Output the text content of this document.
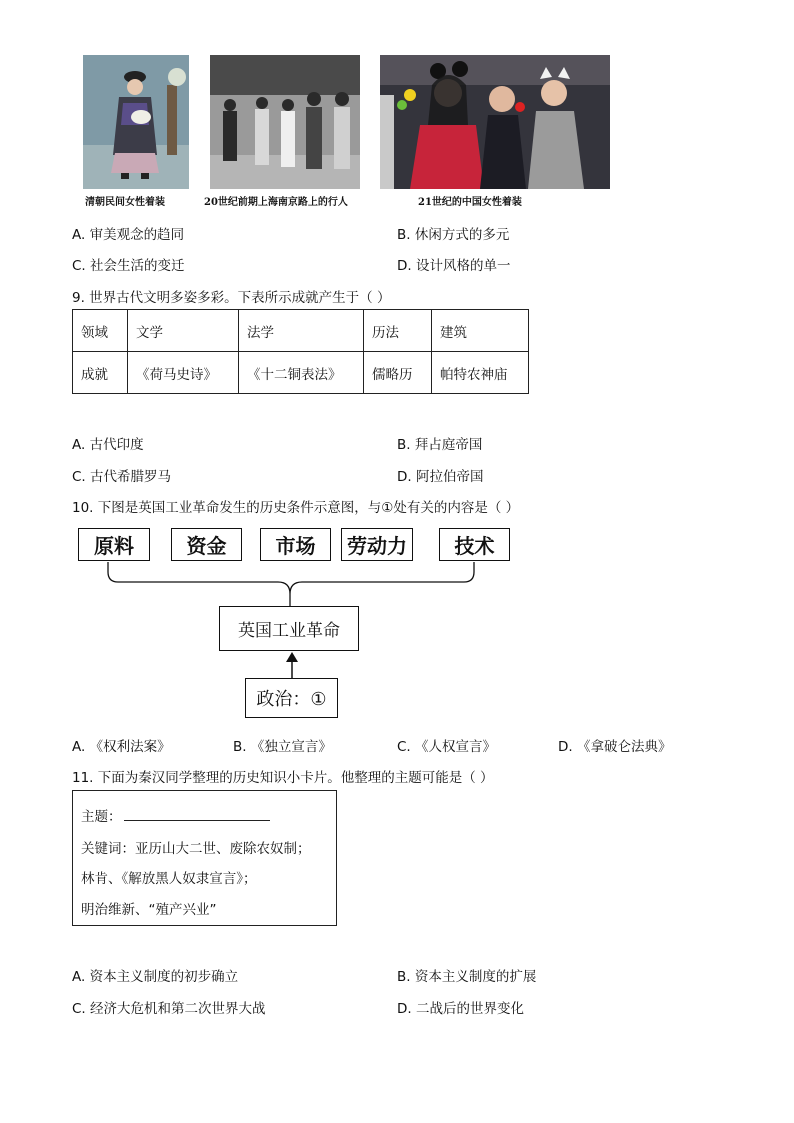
清朝民间女性着装	20世纪前期上海南京路上的行人	21世纪的中国女性着装
A. 审美观念的趋同	B. 休闲方式的多元
C. 社会生活的变迁	D. 设计风格的单一
9. 世界古代文明多姿多彩。下表所示成就产生于（ ）
领域	文学	法学	历法	建筑
成就	《荷马史诗》	《十二铜表法》	儒略历	帕特农神庙
A. 古代印度	B. 拜占庭帝国
C. 古代希腊罗马	D. 阿拉伯帝国
10. 下图是英国工业革命发生的历史条件示意图，与①处有关的内容是（ ）
原料	资金	市场	劳动力	技术
英国工业革命
政治：①
A. 《权利法案》	B. 《独立宣言》	C. 《人权宣言》	D. 《拿破仑法典》
11. 下面为秦汉同学整理的历史知识小卡片。他整理的主题可能是（ ）
主题：
关键词：亚历山大二世、废除农奴制；
林肯、《解放黑人奴隶宣言》；
明治维新、“殖产兴业”
A. 资本主义制度的初步确立	B. 资本主义制度的扩展
C. 经济大危机和第二次世界大战	D. 二战后的世界变化
